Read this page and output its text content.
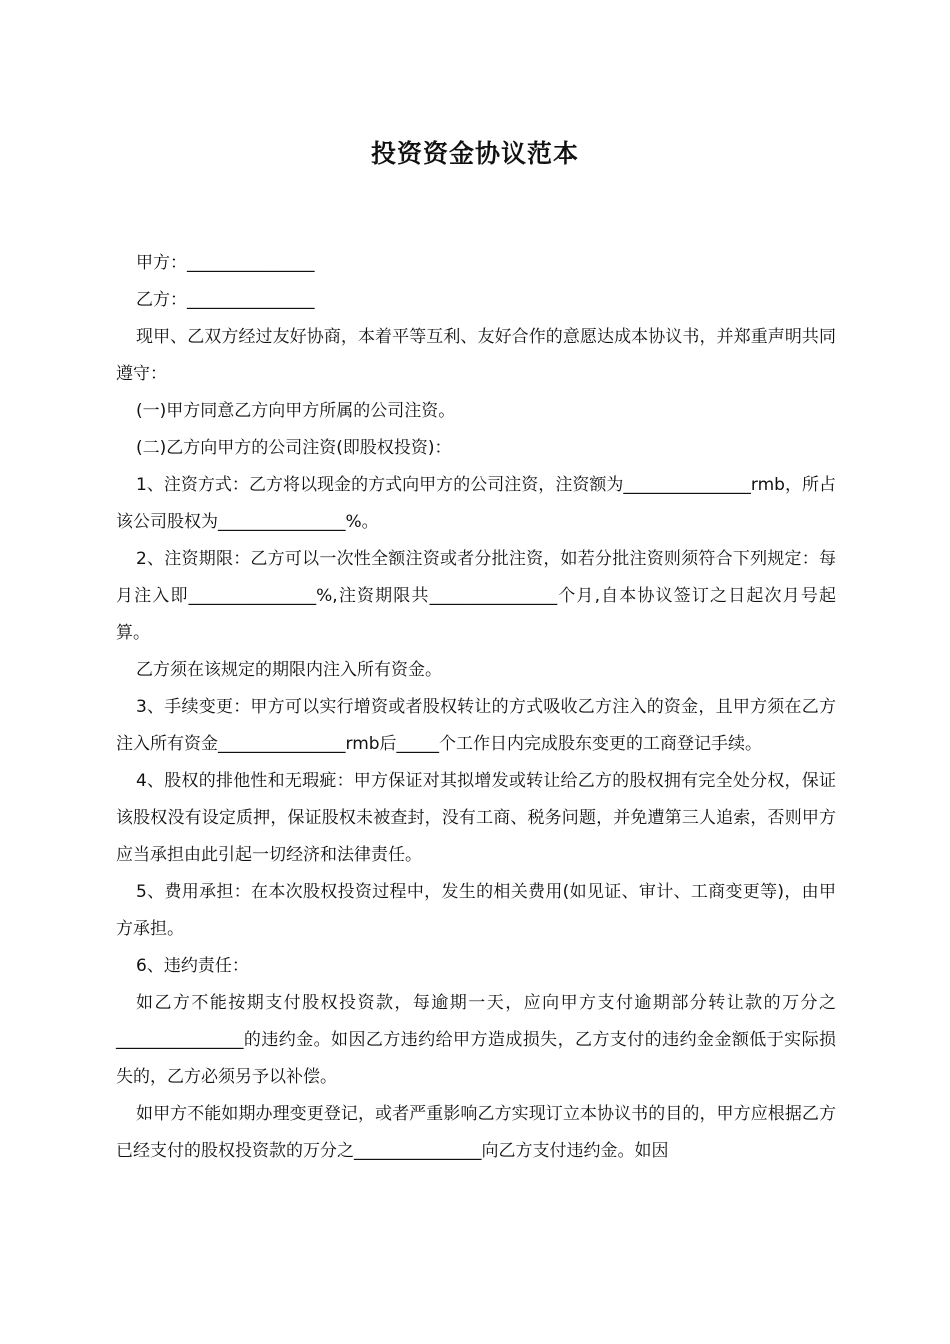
投资资金协议范本

甲方：_______________

乙方：_______________

现甲、乙双方经过友好协商，本着平等互利、友好合作的意愿达成本协议书，并郑重声明共同遵守：

(一)甲方同意乙方向甲方所属的公司注资。

(二)乙方向甲方的公司注资(即股权投资)：

1、注资方式：乙方将以现金的方式向甲方的公司注资，注资额为_______________rmb，所占该公司股权为_______________%。

2、注资期限：乙方可以一次性全额注资或者分批注资，如若分批注资则须符合下列规定：每月注入即_______________%,注资期限共_______________个月,自本协议签订之日起次月号起算。

乙方须在该规定的期限内注入所有资金。

3、手续变更：甲方可以实行增资或者股权转让的方式吸收乙方注入的资金，且甲方须在乙方注入所有资金_______________rmb后_____个工作日内完成股东变更的工商登记手续。

4、股权的排他性和无瑕疵：甲方保证对其拟增发或转让给乙方的股权拥有完全处分权，保证该股权没有设定质押，保证股权未被查封，没有工商、税务问题，并免遭第三人追索，否则甲方应当承担由此引起一切经济和法律责任。

5、费用承担：在本次股权投资过程中，发生的相关费用(如见证、审计、工商变更等)，由甲方承担。

6、违约责任：

如乙方不能按期支付股权投资款，每逾期一天，应向甲方支付逾期部分转让款的万分之_______________的违约金。如因乙方违约给甲方造成损失，乙方支付的违约金金额低于实际损失的，乙方必须另予以补偿。

如甲方不能如期办理变更登记，或者严重影响乙方实现订立本协议书的目的，甲方应根据乙方已经支付的股权投资款的万分之_______________向乙方支付违约金。如因
